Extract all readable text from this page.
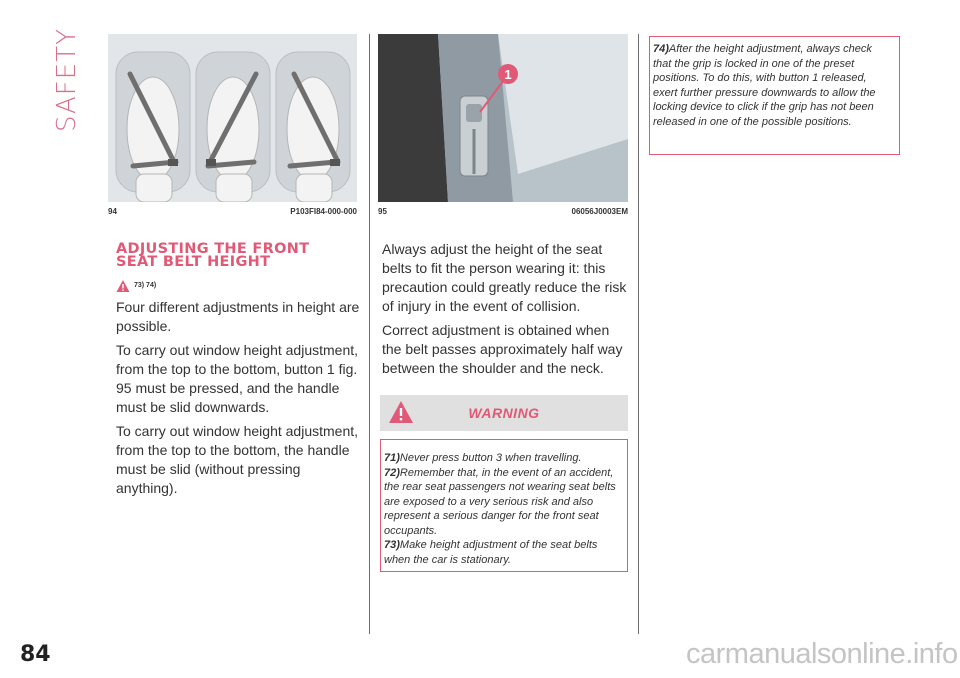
SAFETY
94	P103FI84-000-000
1
95	06056J0003EM
ADJUSTING THE FRONT
SEAT BELT HEIGHT
73) 74)

Four different adjustments in height are possible.

To carry out window height adjustment, from the top to the bottom, button 1 fig. 95 must be pressed, and the handle must be slid downwards.

To carry out window height adjustment, from the top to the bottom, the handle must be slid (without pressing anything).

Always adjust the height of the seat belts to fit the person wearing it: this precaution could greatly reduce the risk of injury in the event of collision.

Correct adjustment is obtained when the belt passes approximately half way between the shoulder and the neck.

WARNING

71)Never press button 3 when travelling.

72)Remember that, in the event of an accident, the rear seat passengers not wearing seat belts are exposed to a very serious risk and also represent a serious danger for the front seat occupants.

73)Make height adjustment of the seat belts when the car is stationary.

74)After the height adjustment, always check that the grip is locked in one of the preset positions. To do this, with button 1 released, exert further pressure downwards to allow the locking device to click if the grip has not been released in one of the possible positions.

84	carmanualsonline.info
